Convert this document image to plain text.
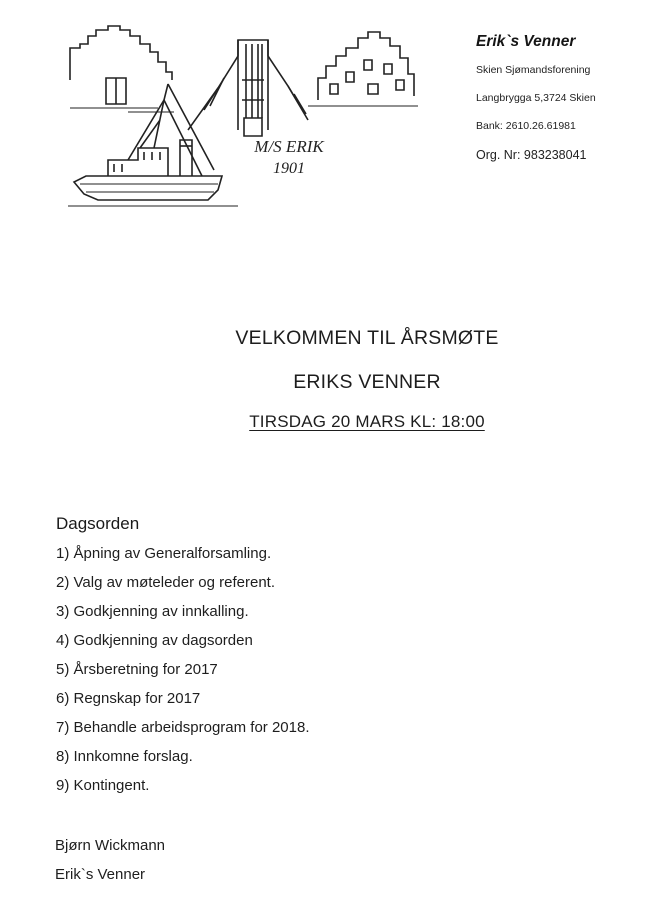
M/S ERIK
1901
Erik`s Venner
Skien Sjømandsforening
Langbrygga 5,3724 Skien
Bank: 2610.26.61981
Org. Nr: 983238041
VELKOMMEN TIL ÅRSMØTE
ERIKS VENNER
TIRSDAG 20 MARS KL: 18:00
Dagsorden
1) Åpning av Generalforsamling.
2) Valg av møteleder og referent.
3) Godkjenning av innkalling.
4) Godkjenning av dagsorden
5) Årsberetning for 2017
6) Regnskap for 2017
7) Behandle arbeidsprogram for 2018.
8) Innkomne forslag.
9) Kontingent.
Bjørn Wickmann
Erik`s Venner
